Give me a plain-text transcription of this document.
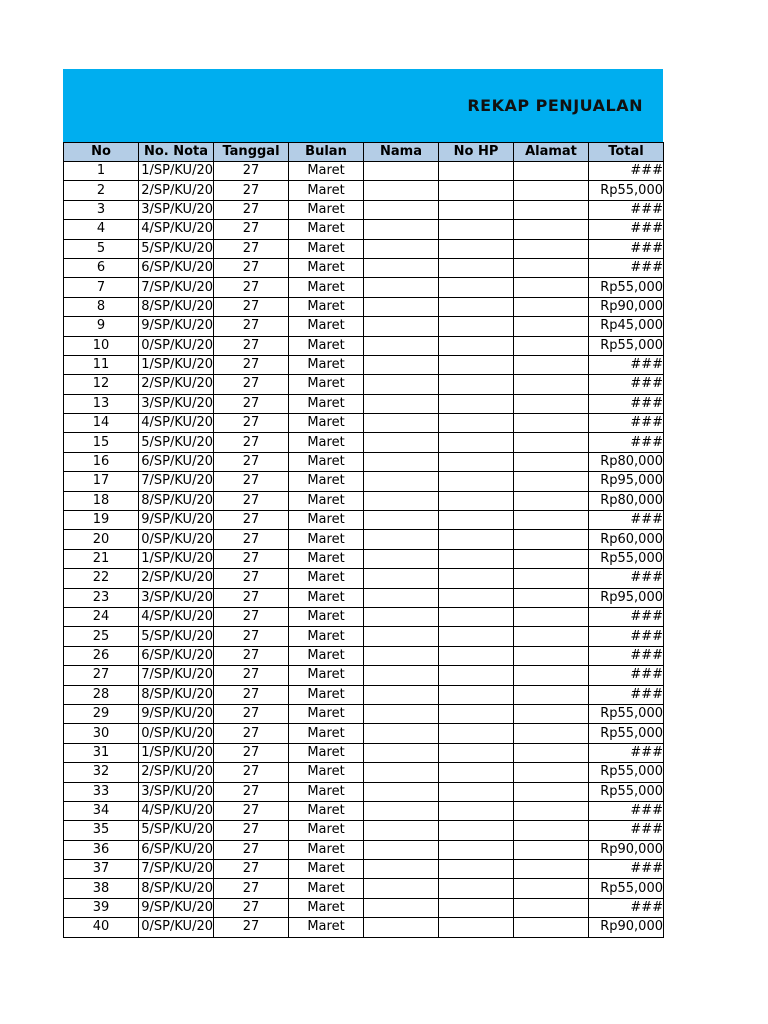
REKAP PENJUALAN
No	No. Nota	Tanggal	Bulan	Nama	No HP	Alamat	Total
1	1/SP/KU/20	27	Maret				###
2	2/SP/KU/20	27	Maret				Rp55,000
3	3/SP/KU/20	27	Maret				###
4	4/SP/KU/20	27	Maret				###
5	5/SP/KU/20	27	Maret				###
6	6/SP/KU/20	27	Maret				###
7	7/SP/KU/20	27	Maret				Rp55,000
8	8/SP/KU/20	27	Maret				Rp90,000
9	9/SP/KU/20	27	Maret				Rp45,000
10	0/SP/KU/20	27	Maret				Rp55,000
11	1/SP/KU/20	27	Maret				###
12	2/SP/KU/20	27	Maret				###
13	3/SP/KU/20	27	Maret				###
14	4/SP/KU/20	27	Maret				###
15	5/SP/KU/20	27	Maret				###
16	6/SP/KU/20	27	Maret				Rp80,000
17	7/SP/KU/20	27	Maret				Rp95,000
18	8/SP/KU/20	27	Maret				Rp80,000
19	9/SP/KU/20	27	Maret				###
20	0/SP/KU/20	27	Maret				Rp60,000
21	1/SP/KU/20	27	Maret				Rp55,000
22	2/SP/KU/20	27	Maret				###
23	3/SP/KU/20	27	Maret				Rp95,000
24	4/SP/KU/20	27	Maret				###
25	5/SP/KU/20	27	Maret				###
26	6/SP/KU/20	27	Maret				###
27	7/SP/KU/20	27	Maret				###
28	8/SP/KU/20	27	Maret				###
29	9/SP/KU/20	27	Maret				Rp55,000
30	0/SP/KU/20	27	Maret				Rp55,000
31	1/SP/KU/20	27	Maret				###
32	2/SP/KU/20	27	Maret				Rp55,000
33	3/SP/KU/20	27	Maret				Rp55,000
34	4/SP/KU/20	27	Maret				###
35	5/SP/KU/20	27	Maret				###
36	6/SP/KU/20	27	Maret				Rp90,000
37	7/SP/KU/20	27	Maret				###
38	8/SP/KU/20	27	Maret				Rp55,000
39	9/SP/KU/20	27	Maret				###
40	0/SP/KU/20	27	Maret				Rp90,000
